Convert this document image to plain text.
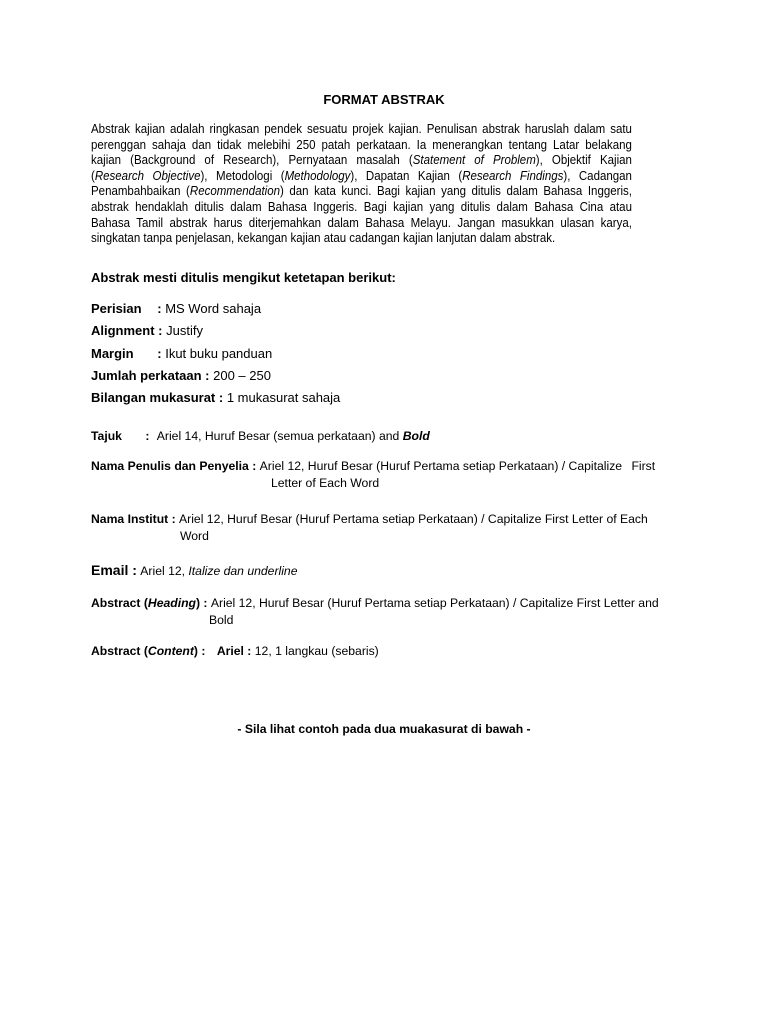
FORMAT ABSTRAK
Abstrak kajian adalah ringkasan pendek sesuatu projek kajian. Penulisan abstrak haruslah dalam satu
perenggan sahaja dan tidak melebihi 250 patah perkataan. Ia menerangkan tentang Latar belakang
kajian (Background of Research), Pernyataan masalah (Statement of Problem), Objektif Kajian
(Research Objective), Metodologi (Methodology), Dapatan Kajian (Research Findings), Cadangan
Penambahbaikan (Recommendation) dan kata kunci. Bagi kajian yang ditulis dalam Bahasa Inggeris,
abstrak hendaklah ditulis dalam Bahasa Inggeris. Bagi kajian yang ditulis dalam Bahasa Cina atau
Bahasa Tamil abstrak harus diterjemahkan dalam Bahasa Melayu. Jangan masukkan ulasan karya,
singkatan tanpa penjelasan, kekangan kajian atau cadangan kajian lanjutan dalam abstrak.
Abstrak mesti ditulis mengikut ketetapan berikut:
Perisian : MS Word sahaja
Alignment : Justify
Margin : Ikut buku panduan
Jumlah perkataan : 200 – 250
Bilangan mukasurat : 1 mukasurat sahaja
Tajuk : Ariel 14, Huruf Besar (semua perkataan) and Bold
Nama Penulis dan Penyelia : Ariel 12, Huruf Besar (Huruf Pertama setiap Perkataan) / Capitalize First
Letter of Each Word
Nama Institut : Ariel 12, Huruf Besar (Huruf Pertama setiap Perkataan) / Capitalize First Letter of Each
Word
Email : Ariel 12, Italize dan underline
Abstract (Heading) : Ariel 12, Huruf Besar (Huruf Pertama setiap Perkataan) / Capitalize First Letter and
Bold
Abstract (Content) : Ariel : 12, 1 langkau (sebaris)
- Sila lihat contoh pada dua muakasurat di bawah -
